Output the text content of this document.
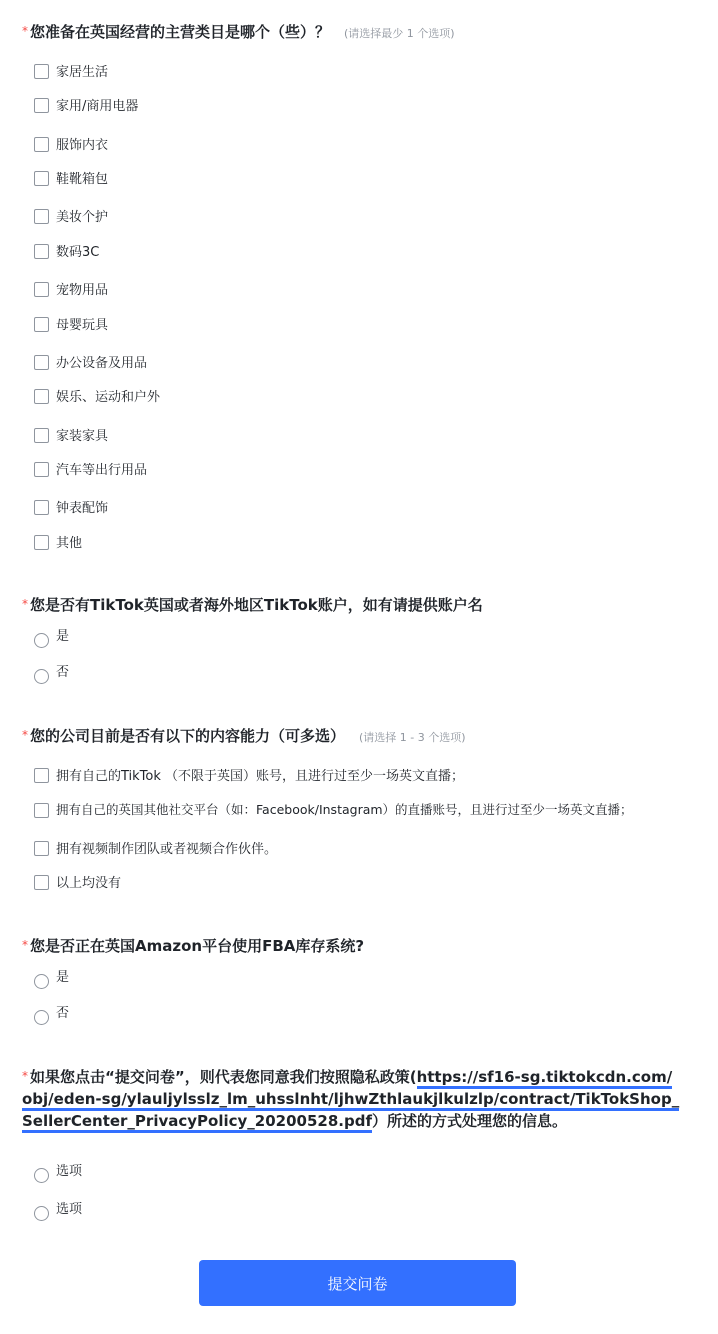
* 您准备在英国经营的主营类目是哪个（些）？ (请选择最少 1 个选项)
家居生活
家用/商用电器
服饰内衣
鞋靴箱包
美妆个护
数码3C
宠物用品
母婴玩具
办公设备及用品
娱乐、运动和户外
家装家具
汽车等出行用品
钟表配饰
其他
* 您是否有TikTok英国或者海外地区TikTok账户，如有请提供账户名
是
否
* 您的公司目前是否有以下的内容能力（可多选） (请选择 1 - 3 个选项)
拥有自己的TikTok （不限于英国）账号，且进行过至少一场英文直播；
拥有自己的英国其他社交平台（如：Facebook/Instagram）的直播账号，且进行过至少一场英文直播；
拥有视频制作团队或者视频合作伙伴。
以上均没有
* 您是否正在英国Amazon平台使用FBA库存系统?
是
否
* 如果您点击“提交问卷”，则代表您同意我们按照隐私政策(https://sf16-sg.tiktokcdn.com/obj/eden-sg/ylauljylsslz_lm_uhsslnht/ljhwZthlaukjlkulzlp/contract/TikTokShop_SellerCenter_PrivacyPolicy_20200528.pdf）所述的方式处理您的信息。
选项
选项
提交问卷
